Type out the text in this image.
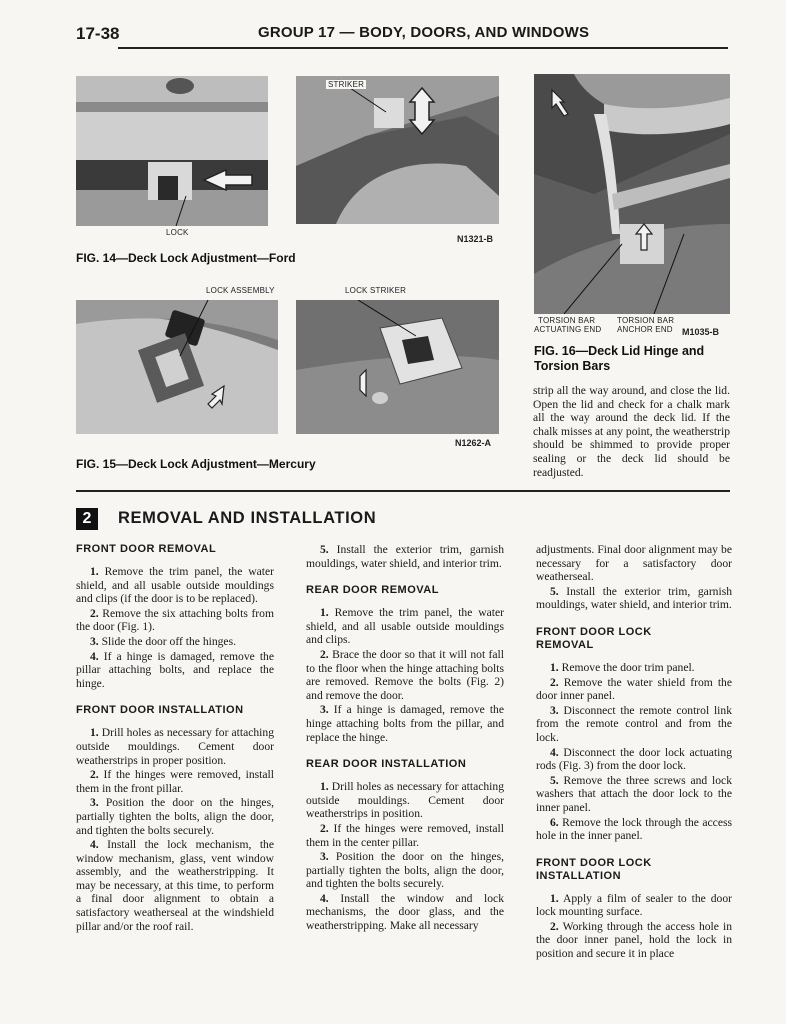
17-38	GROUP 17 — BODY, DOORS, AND WINDOWS
LOCK
FIG. 14—Deck Lock Adjustment—Ford
STRIKER
N1321-B
LOCK ASSEMBLY	LOCK STRIKER
N1262-A
FIG. 15—Deck Lock Adjustment—Mercury
TORSION BAR
ACTUATING END
TORSION BAR
ANCHOR END M1035-B
FIG. 16—Deck Lid Hinge and
Torsion Bars
strip all the way around, and close the lid. Open the lid and check for a chalk mark all the way around the deck lid. If the chalk misses at any point, the weatherstrip should be shimmed to provide proper sealing or the deck lid should be readjusted.
2	REMOVAL AND INSTALLATION
FRONT DOOR REMOVAL

1. Remove the trim panel, the water shield, and all usable outside mouldings and clips (if the door is to be replaced).

2. Remove the six attaching bolts from the door (Fig. 1).

3. Slide the door off the hinges.

4. If a hinge is damaged, remove the pillar attaching bolts, and replace the hinge.

FRONT DOOR INSTALLATION

1. Drill holes as necessary for attaching outside mouldings. Cement door weatherstrips in proper position.

2. If the hinges were removed, install them in the front pillar.

3. Position the door on the hinges, partially tighten the bolts, align the door, and tighten the bolts securely.

4. Install the lock mechanism, the window mechanism, glass, vent window assembly, and the weatherstripping. It may be necessary, at this time, to perform a final door alignment to obtain a satisfactory weatherseal at the windshield pillar and/or the roof rail.

5. Install the exterior trim, garnish mouldings, water shield, and interior trim.

REAR DOOR REMOVAL

1. Remove the trim panel, the water shield, and all usable outside mouldings and clips.

2. Brace the door so that it will not fall to the floor when the hinge attaching bolts are removed. Remove the bolts (Fig. 2) and remove the door.

3. If a hinge is damaged, remove the hinge attaching bolts from the pillar, and replace the hinge.

REAR DOOR INSTALLATION

1. Drill holes as necessary for attaching outside mouldings. Cement door weatherstrips in position.

2. If the hinges were removed, install them in the center pillar.

3. Position the door on the hinges, partially tighten the bolts, align the door, and tighten the bolts securely.

4. Install the window and lock mechanisms, the door glass, and the weatherstripping. Make all necessary

adjustments. Final door alignment may be necessary for a satisfactory door weatherseal.

5. Install the exterior trim, garnish mouldings, water shield, and interior trim.

FRONT DOOR LOCK
REMOVAL

1. Remove the door trim panel.

2. Remove the water shield from the door inner panel.

3. Disconnect the remote control link from the remote control and from the lock.

4. Disconnect the door lock actuating rods (Fig. 3) from the door lock.

5. Remove the three screws and lock washers that attach the door lock to the inner panel.

6. Remove the lock through the access hole in the inner panel.

FRONT DOOR LOCK
INSTALLATION

1. Apply a film of sealer to the door lock mounting surface.

2. Working through the access hole in the door inner panel, hold the lock in position and secure it in place
